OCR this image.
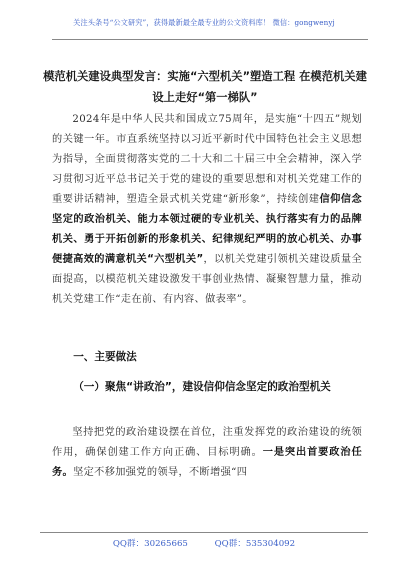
关注头条号“公文研究”，获得最新最全最专业的公文资料库！ 微信：gongwenyj
模范机关建设典型发言：实施“六型机关”塑造工程 在模范机关建设上走好“第一梯队”
2024年是中华人民共和国成立75周年，是实施“十四五”规划的关键一年。市直系统坚持以习近平新时代中国特色社会主义思想为指导，全面贯彻落实党的二十大和二十届三中全会精神，深入学习贯彻习近平总书记关于党的建设的重要思想和对机关党建工作的重要讲话精神，塑造全景式机关党建“新形象”，持续创建信仰信念坚定的政治机关、能力本领过硬的专业机关、执行落实有力的品牌机关、勇于开拓创新的形象机关、纪律规纪严明的放心机关、办事便捷高效的满意机关“六型机关”，以机关党建引领机关建设质量全面提高，以模范机关建设激发干事创业热情、凝聚智慧力量，推动机关党建工作“走在前、有内容、做表率”。
一、主要做法
（一）聚焦“讲政治”，建设信仰信念坚定的政治型机关
坚持把党的政治建设摆在首位，注重发挥党的政治建设的统领作用，确保创建工作方向正确、目标明确。一是突出首要政治任务。坚定不移加强党的领导，不断增强“四
QQ群：30265665	QQ群：535304092
